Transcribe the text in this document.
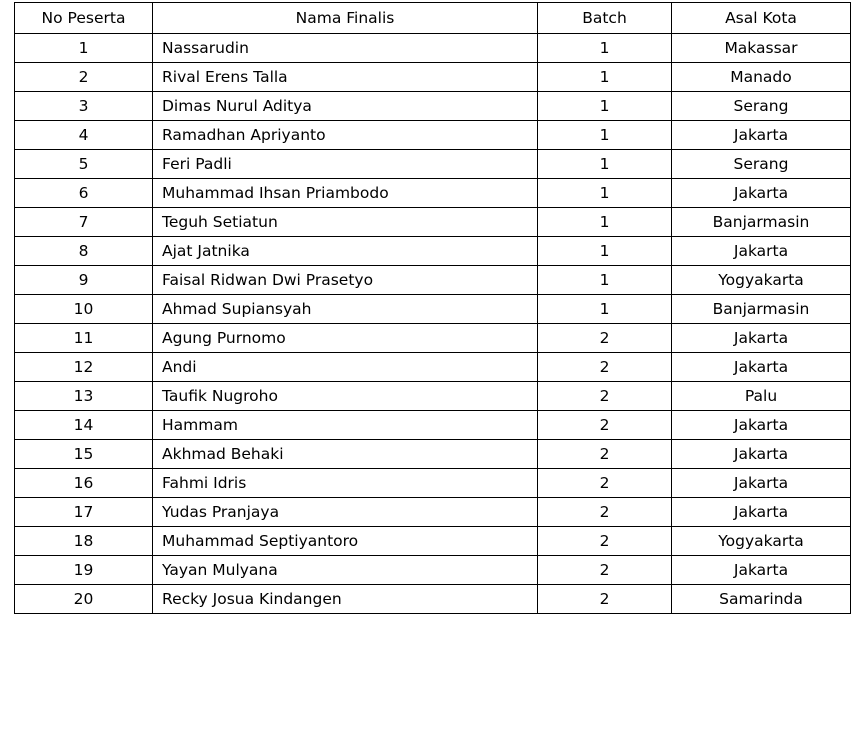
No Peserta	Nama Finalis	Batch	Asal Kota
1	Nassarudin	1	Makassar
2	Rival Erens Talla	1	Manado
3	Dimas Nurul Aditya	1	Serang
4	Ramadhan Apriyanto	1	Jakarta
5	Feri Padli	1	Serang
6	Muhammad Ihsan Priambodo	1	Jakarta
7	Teguh Setiatun	1	Banjarmasin
8	Ajat Jatnika	1	Jakarta
9	Faisal Ridwan Dwi Prasetyo	1	Yogyakarta
10	Ahmad Supiansyah	1	Banjarmasin
11	Agung Purnomo	2	Jakarta
12	Andi	2	Jakarta
13	Taufik Nugroho	2	Palu
14	Hammam	2	Jakarta
15	Akhmad Behaki	2	Jakarta
16	Fahmi Idris	2	Jakarta
17	Yudas Pranjaya	2	Jakarta
18	Muhammad Septiyantoro	2	Yogyakarta
19	Yayan Mulyana	2	Jakarta
20	Recky Josua Kindangen	2	Samarinda
